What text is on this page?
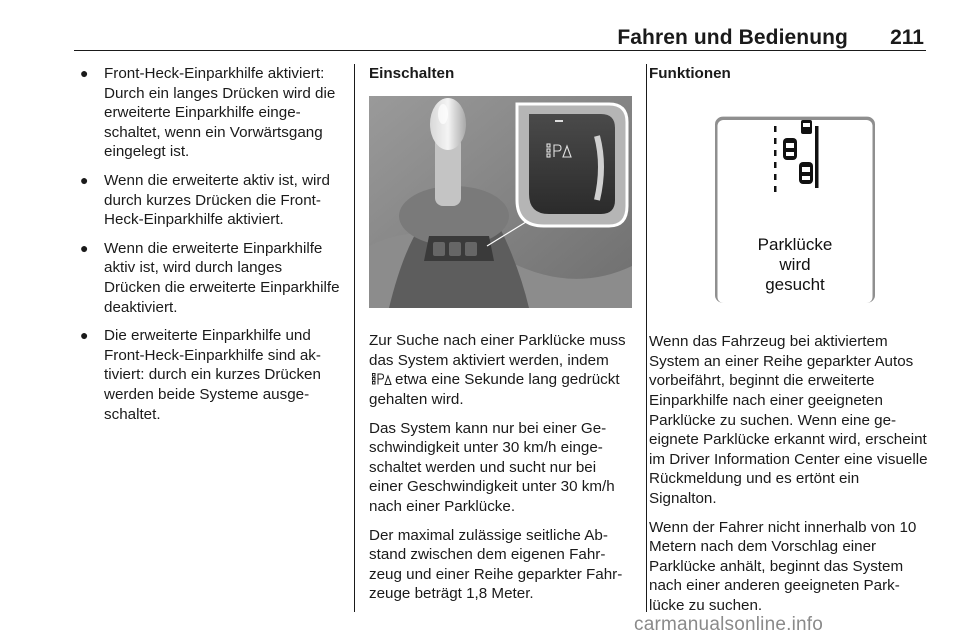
Fahren und Bedienung 211
● Front-Heck-Einparkhilfe aktiviert: Durch ein langes Drücken wird die erweiterte Einparkhilfe eingeschaltet, wenn ein Vorwärtsgang eingelegt ist.
● Wenn die erweiterte aktiv ist, wird durch kurzes Drücken die Front-Heck-Einparkhilfe aktiviert.
● Wenn die erweiterte Einparkhilfe aktiv ist, wird durch langes Drücken die erweiterte Einparkhilfe deaktiviert.
● Die erweiterte Einparkhilfe und Front-Heck-Einparkhilfe sind aktiviert: durch ein kurzes Drücken werden beide Systeme ausgeschaltet.
Einschalten

Zur Suche nach einer Parklücke muss das System aktiviert werden, indemetwa eine Sekunde lang gedrückt gehalten wird.

Das System kann nur bei einer Geschwindigkeit unter 30 km/h eingeschaltet werden und sucht nur bei einer Geschwindigkeit unter 30 km/h nach einer Parklücke.

Der maximal zulässige seitliche Abstand zwischen dem eigenen Fahrzeug und einer Reihe geparkter Fahrzeuge beträgt 1,8 Meter.

Funktionen
Parklücke
wird
gesucht

Wenn das Fahrzeug bei aktiviertem System an einer Reihe geparkter Autos vorbeifährt, beginnt die erweiterte Einparkhilfe nach einer geeigneten Parklücke zu suchen. Wenn eine geeignete Parklücke erkannt wird, erscheint im Driver Information Center eine visuelle Rückmeldung und es ertönt ein Signalton.

Wenn der Fahrer nicht innerhalb von 10 Metern nach dem Vorschlag einer Parklücke anhält, beginnt das System nach einer anderen geeigneten Parklücke zu suchen.

carmanualsonline.info
